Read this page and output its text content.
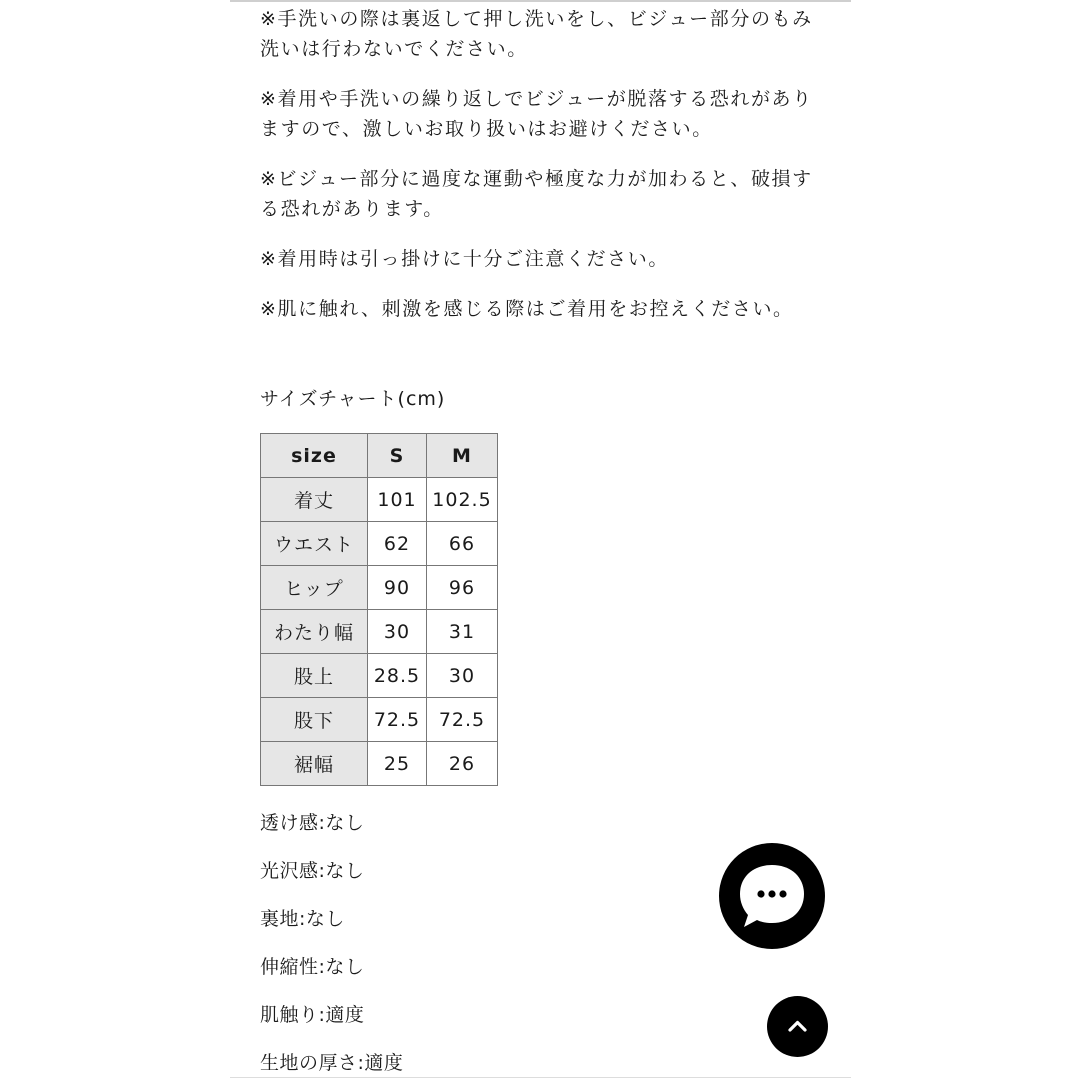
※手洗いの際は裏返して押し洗いをし、ビジュー部分のもみ洗いは行わないでください。

※着用や手洗いの繰り返しでビジューが脱落する恐れがありますので、激しいお取り扱いはお避けください。

※ビジュー部分に過度な運動や極度な力が加わると、破損する恐れがあります。

※着用時は引っ掛けに十分ご注意ください。

※肌に触れ、刺激を感じる際はご着用をお控えください。

サイズチャート(cm)
size	S	M
着丈	101	102.5
ウエスト	62	66
ヒップ	90	96
わたり幅	30	31
股上	28.5	30
股下	72.5	72.5
裾幅	25	26
透け感:なし
光沢感:なし
裏地:なし
伸縮性:なし
肌触り:適度
生地の厚さ:適度
